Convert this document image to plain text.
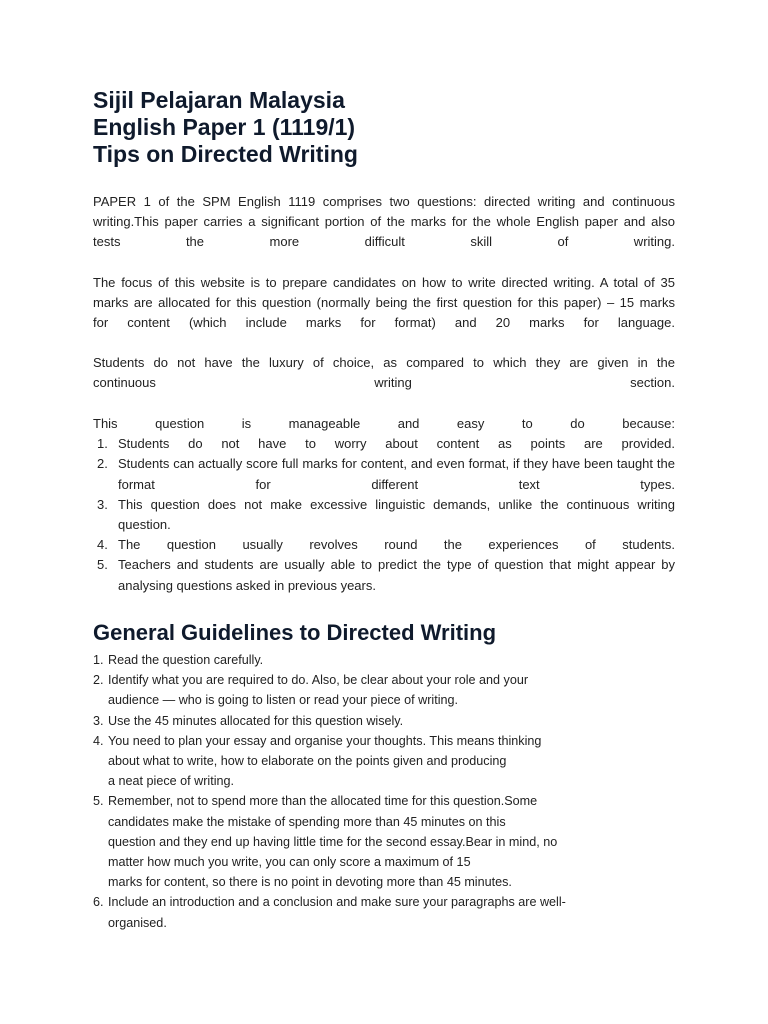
Sijil Pelajaran Malaysia
English Paper 1 (1119/1)
Tips on Directed Writing

PAPER 1 of the SPM English 1119 comprises two questions: directed writing and continuous
writing.This paper carries a significant portion of the marks for the whole English paper and also
tests the more difficult skill of writing.

The focus of this website is to prepare candidates on how to write directed writing. A total of 35
marks are allocated for this question (normally being the first question for this paper) – 15 marks
for content (which include marks for format) and 20 marks for language.

Students do not have the luxury of choice, as compared to which they are given in the
continuous writing section.

This question is manageable and easy to do because:
1. Students do not have to worry about content as points are provided.
2. Students can actually score full marks for content, and even format, if they have been taught the format for different text types.
3. This question does not make excessive linguistic demands, unlike the continuous writing question.
4. The question usually revolves round the experiences of students.
5. Teachers and students are usually able to predict the type of question that might appear by analysing questions asked in previous years.
General Guidelines to Directed Writing
1. Read the question carefully.
2. Identify what you are required to do. Also, be clear about your role and your
audience — who is going to listen or read your piece of writing.
3. Use the 45 minutes allocated for this question wisely.
4. You need to plan your essay and organise your thoughts. This means thinking
about what to write, how to elaborate on the points given and producing
a neat piece of writing.
5. Remember, not to spend more than the allocated time for this question.Some
candidates make the mistake of spending more than 45 minutes on this
question and they end up having little time for the second essay.Bear in mind, no
matter how much you write, you can only score a maximum of 15
marks for content, so there is no point in devoting more than 45 minutes.
6. Include an introduction and a conclusion and make sure your paragraphs are well-
organised.
